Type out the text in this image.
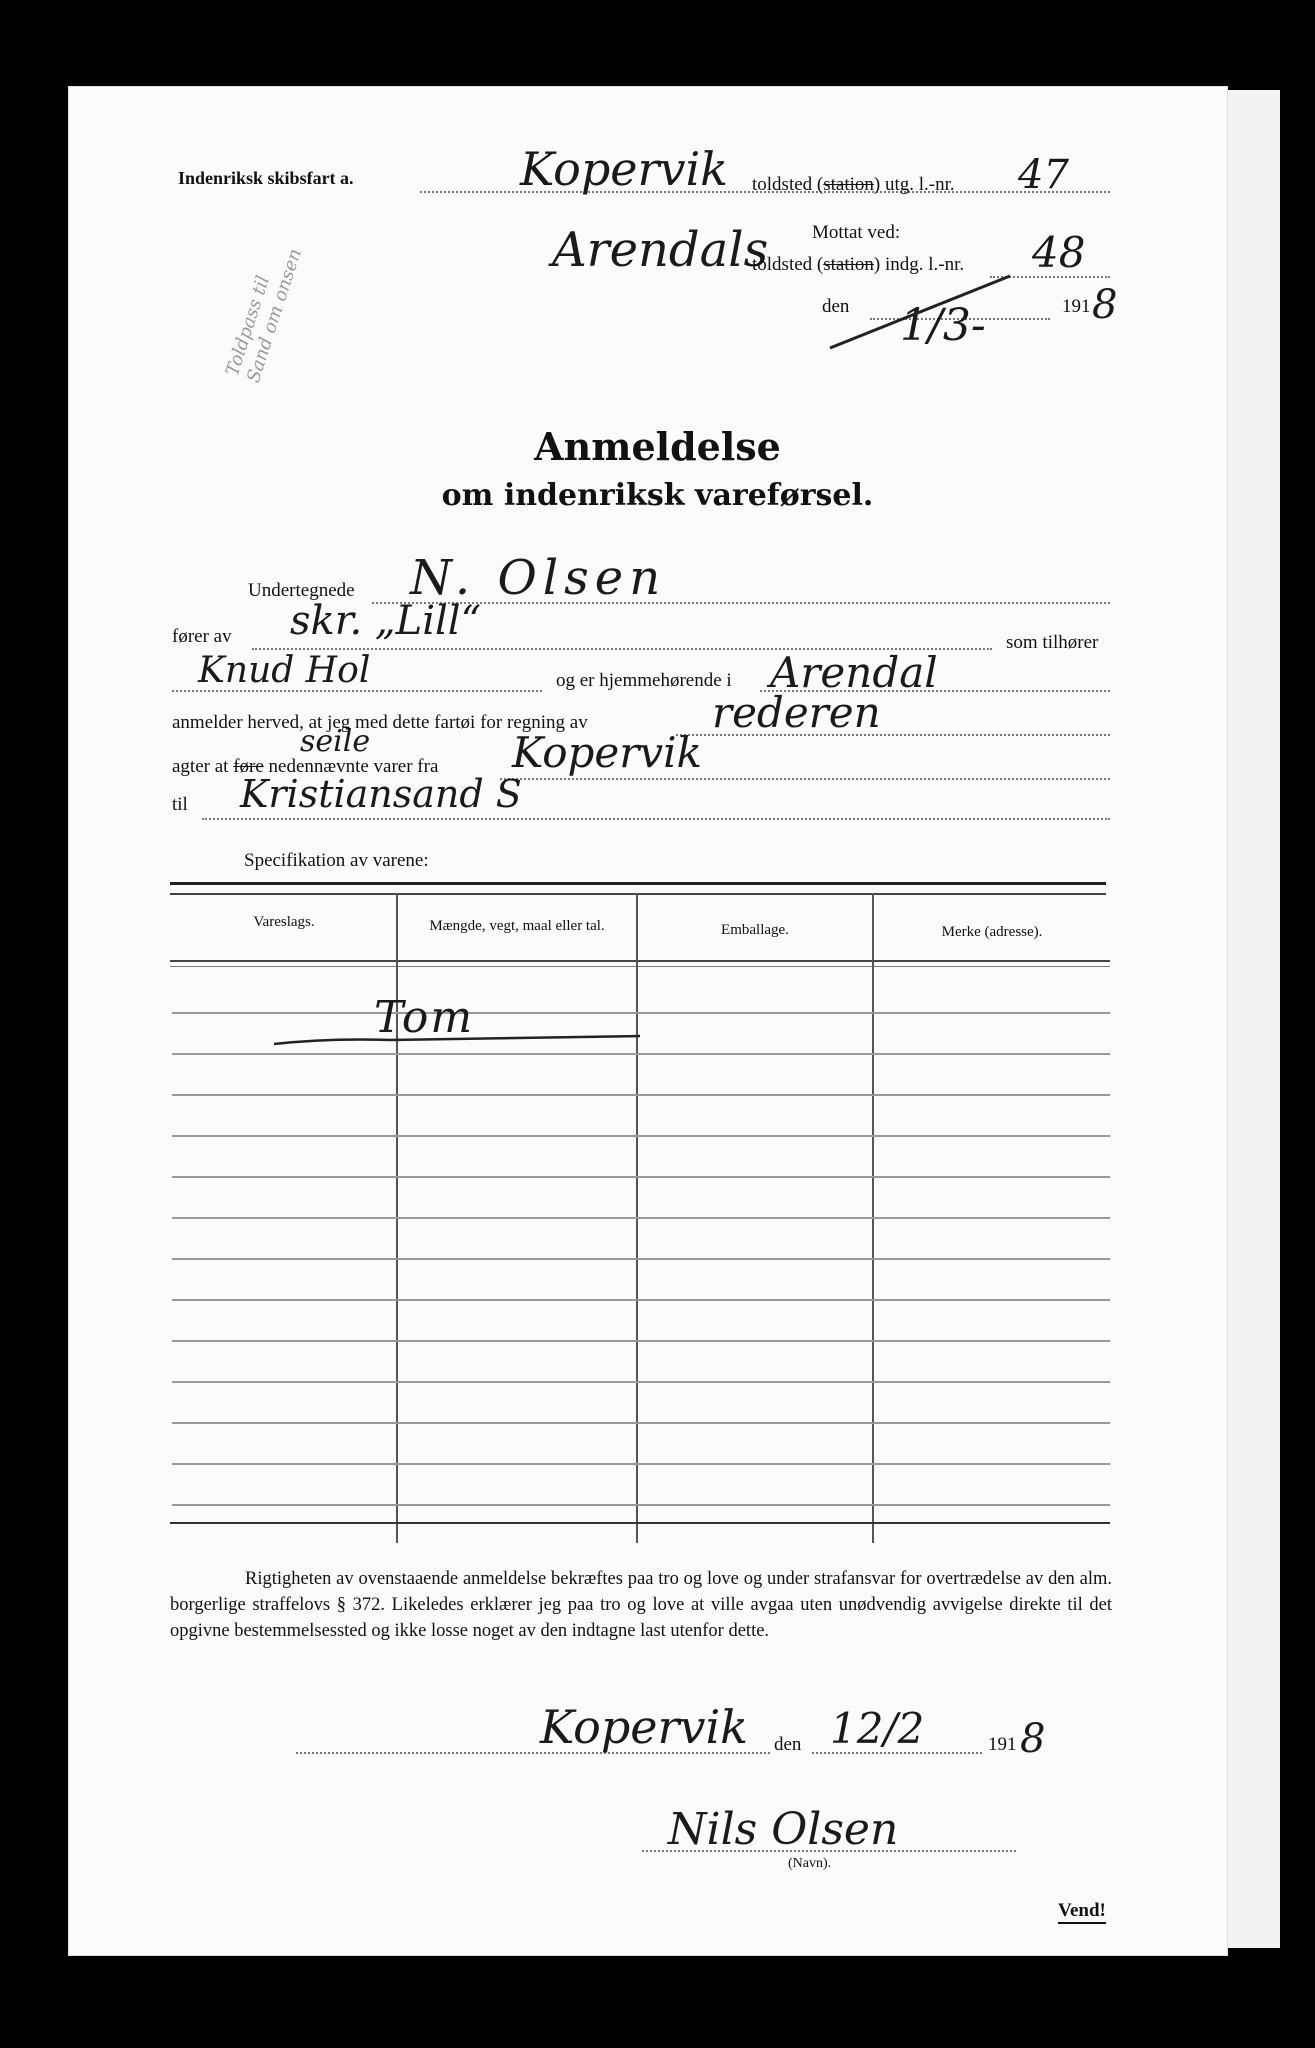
Indenriksk skibsfart a.	Kopervik toldsted (station) utg. l.-nr. 47
Mottat ved:
Arendals
toldsted (station) indg. l.-nr. 48
den 1/3-	191 8
Toldpass til Sand om onsen
Anmeldelse
om indenriksk vareførsel.
Undertegnede N. Olsen
fører av skr. „Lill“	som tilhører
Knud Hol	og er hjemmehørende i Arendal
anmelder herved, at jeg med dette fartøi for regning av	rederen
agter at føre nedennævnte varer fra
seile	Kopervik
til Kristiansand S
Specifikation av varene:
Vareslags.	Mængde, vegt, maal eller tal.	Emballage.	Merke (adresse).
Tom
Rigtigheten av ovenstaaende anmeldelse bekræftes paa tro og love og under strafansvar for overtrædelse av den alm. borgerlige straffelovs § 372. Likeledes erklærer jeg paa tro og love at ville avgaa uten unødvendig avvigelse direkte til det opgivne bestemmelsessted og ikke losse noget av den indtagne last utenfor dette.
Kopervik den 12/2	191 8
Nils Olsen
(Navn).
Vend!
